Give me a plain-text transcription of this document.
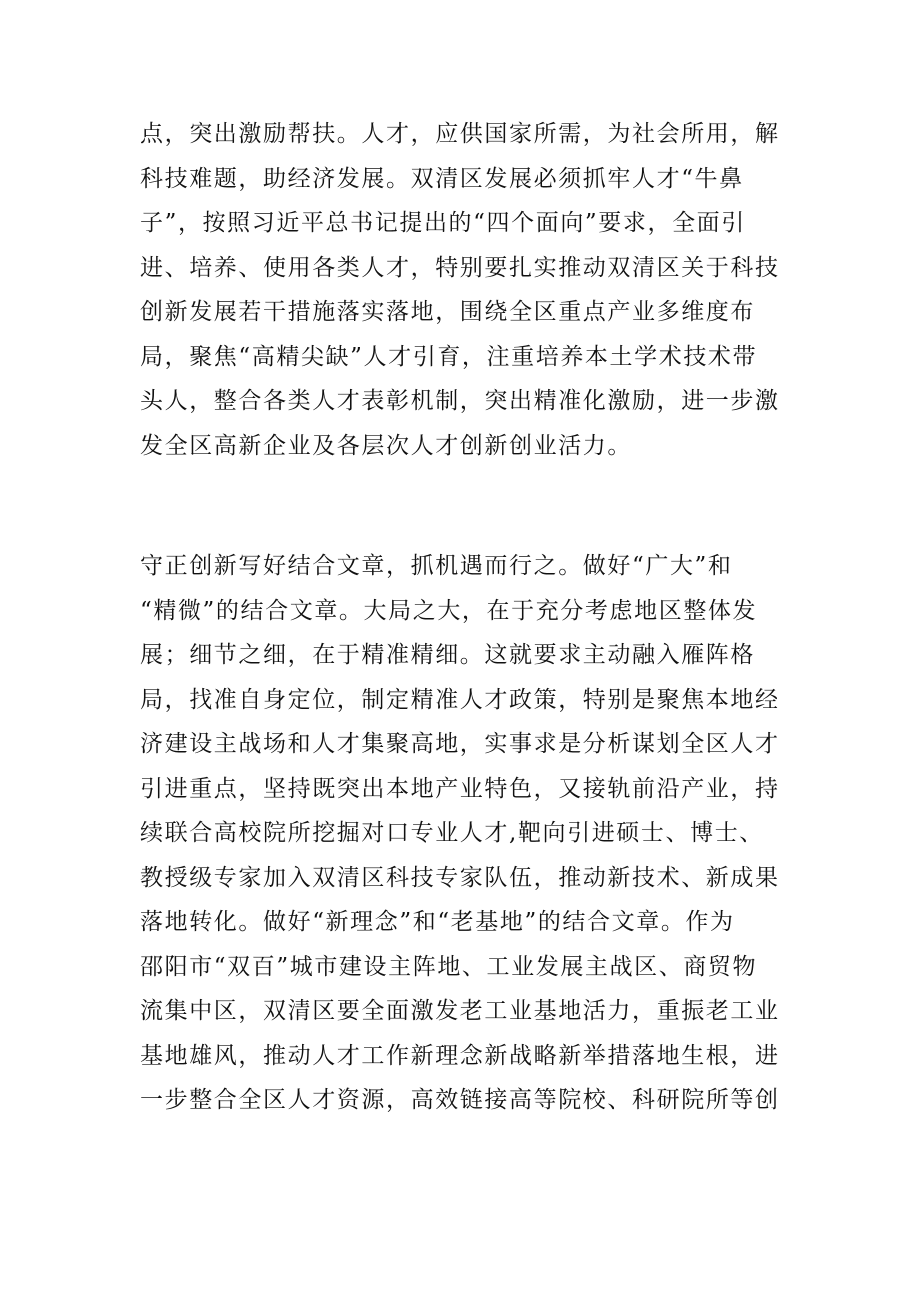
点，突出激励帮扶。人才，应供国家所需，为社会所用，解
科技难题，助经济发展。双清区发展必须抓牢人才“牛鼻
子”，按照习近平总书记提出的“四个面向”要求，全面引
进、培养、使用各类人才，特别要扎实推动双清区关于科技
创新发展若干措施落实落地，围绕全区重点产业多维度布
局，聚焦“高精尖缺”人才引育，注重培养本土学术技术带
头人，整合各类人才表彰机制，突出精准化激励，进一步激
发全区高新企业及各层次人才创新创业活力。
守正创新写好结合文章，抓机遇而行之。做好“广大”和
“精微”的结合文章。大局之大，在于充分考虑地区整体发
展；细节之细，在于精准精细。这就要求主动融入雁阵格
局，找准自身定位，制定精准人才政策，特别是聚焦本地经
济建设主战场和人才集聚高地，实事求是分析谋划全区人才
引进重点，坚持既突出本地产业特色，又接轨前沿产业，持
续联合高校院所挖掘对口专业人才,靶向引进硕士、博士、
教授级专家加入双清区科技专家队伍，推动新技术、新成果
落地转化。做好“新理念”和“老基地”的结合文章。作为
邵阳市“双百”城市建设主阵地、工业发展主战区、商贸物
流集中区，双清区要全面激发老工业基地活力，重振老工业
基地雄风，推动人才工作新理念新战略新举措落地生根，进
一步整合全区人才资源，高效链接高等院校、科研院所等创
